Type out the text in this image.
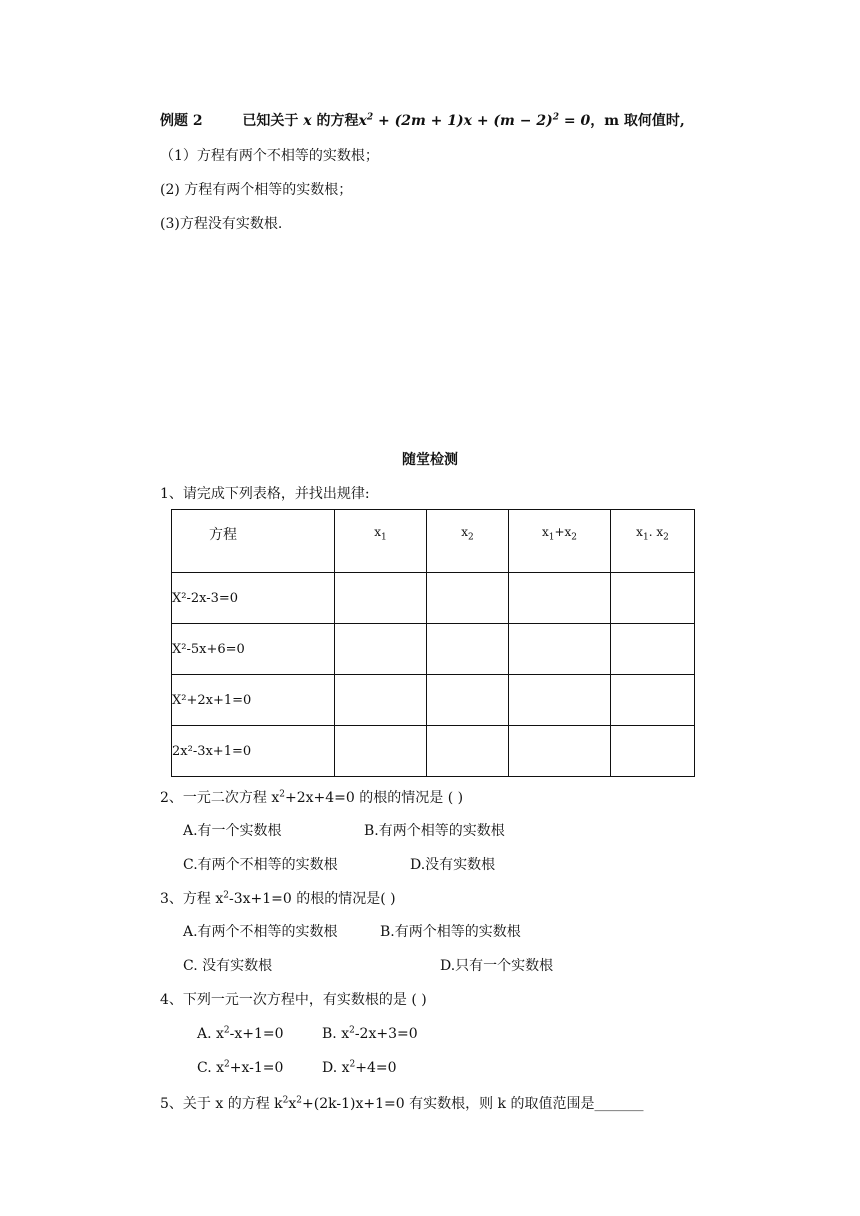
例题 2	已知关于 x 的方程$x^2 + (2m + 1)x + (m - 2)^2 = 0$，m 取何值时,
（1）方程有两个不相等的实数根；
(2) 方程有两个相等的实数根；
(3)方程没有实数根.
随堂检测
1、请完成下列表格，并找出规律:
方程	$x_1$	$x_2$	$x_1+x_2$	$x_1$. $x_2$

X²-2x-3=0				
X²-5x+6=0				
X²+2x+1=0				
2x²-3x+1=0				
2、一元二次方程 $x^2+2x+4=0$ 的根的情况是 ( )
A.有一个实数根	B.有两个相等的实数根
C.有两个不相等的实数根	D.没有实数根
3、方程 $x^2-3x+1=0$ 的根的情况是( )
A.有两个不相等的实数根	B.有两个相等的实数根
C. 没有实数根	D.只有一个实数根
4、下列一元一次方程中，有实数根的是 ( )
A. $x^2-x+1=0$	B. $x^2-2x+3=0$
C. $x^2+x-1=0$	D. $x^2+4=0$
5、关于 x 的方程 $k^2x^2+(2k-1)x+1=0$ 有实数根，则 k 的取值范围是_______
